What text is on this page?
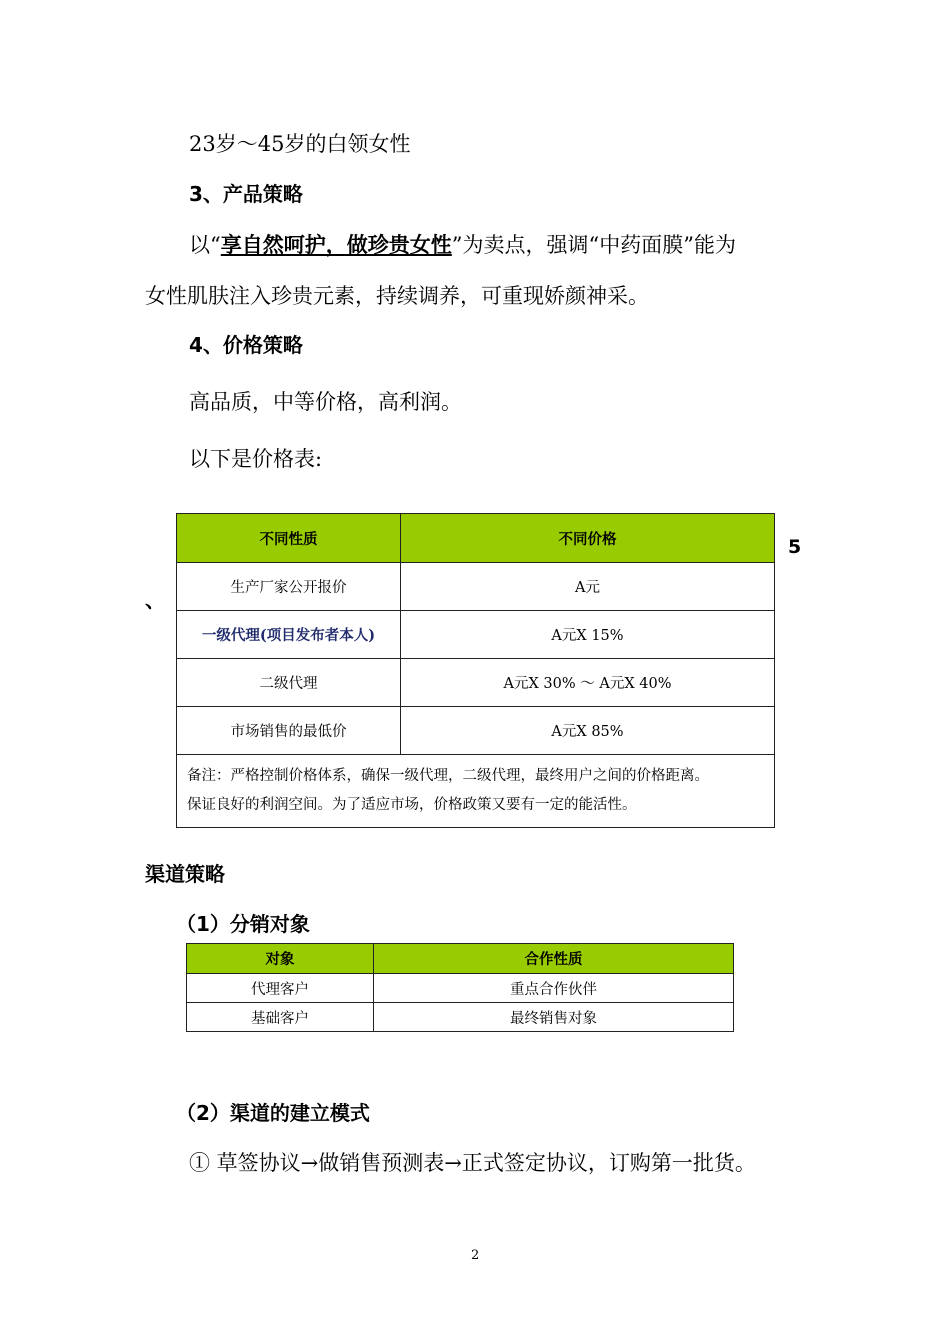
23岁～45岁的白领女性
3、产品策略
以“享自然呵护，做珍贵女性”为卖点，强调“中药面膜”能为
女性肌肤注入珍贵元素，持续调养，可重现娇颜神采。
4、价格策略
高品质，中等价格，高利润。
以下是价格表:
5
、
不同性质	不同价格
生产厂家公开报价	A元
一级代理(项目发布者本人)	A元X 15%
二级代理	A元X 30% ～ A元X 40%
市场销售的最低价	A元X 85%

备注：严格控制价格体系，确保一级代理，二级代理，最终用户之间的价格距离。
保证良好的利润空间。为了适应市场，价格政策又要有一定的能活性。	
渠道策略
（1）分销对象
对象	合作性质
代理客户	重点合作伙伴
基础客户	最终销售对象
（2）渠道的建立模式
① 草签协议→做销售预测表→正式签定协议，订购第一批货。
2
